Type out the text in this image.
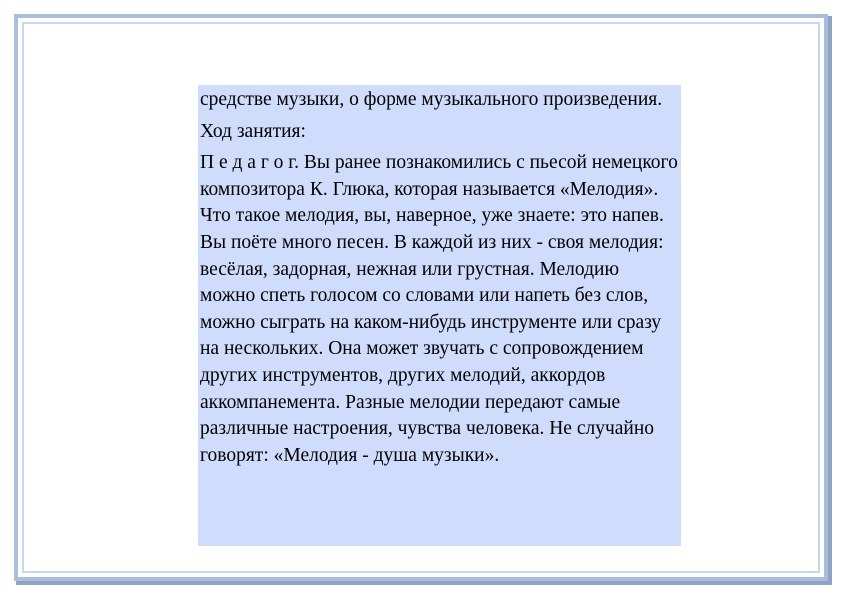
средстве музыки, о форме музыкального произведения.

Ход занятия:

П е д а г о г. Вы ранее познакомились с пьесой немецкого композитора К. Глюка, которая называется «Мелодия». Что такое мелодия, вы, наверное, уже знаете: это напев. Вы поёте много песен. В каждой из них - своя мелодия: весёлая, задорная, нежная или грустная. Мелодию можно спеть голосом со словами или напеть без слов, можно сыграть на каком-нибудь инструменте или сразу на нескольких. Она может звучать с сопровождением других инструментов, других мелодий, аккордов аккомпанемента. Разные мелодии передают самые различные настроения, чувства человека. Не случайно говорят: «Мелодия - душа музыки».
